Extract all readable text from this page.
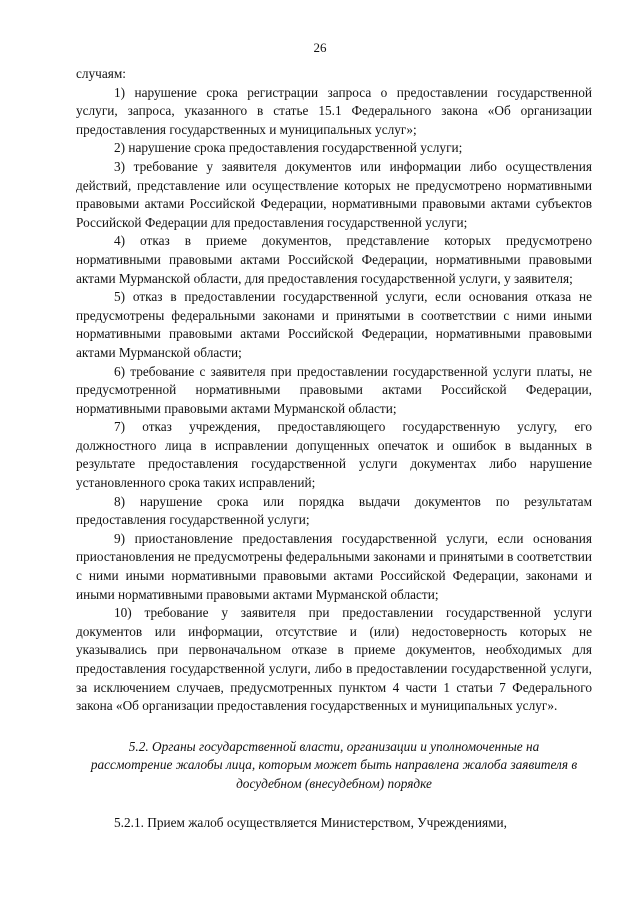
26

случаям:

1) нарушение срока регистрации запроса о предоставлении государственной услуги, запроса, указанного в статье 15.1 Федерального закона «Об организации предоставления государственных и муниципальных услуг»;

2) нарушение срока предоставления государственной услуги;

3) требование у заявителя документов или информации либо осуществления действий, представление или осуществление которых не предусмотрено нормативными правовыми актами Российской Федерации, нормативными правовыми актами субъектов Российской Федерации для предоставления государственной услуги;

4) отказ в приеме документов, представление которых предусмотрено нормативными правовыми актами Российской Федерации, нормативными правовыми актами Мурманской области, для предоставления государственной услуги, у заявителя;

5) отказ в предоставлении государственной услуги, если основания отказа не предусмотрены федеральными законами и принятыми в соответствии с ними иными нормативными правовыми актами Российской Федерации, нормативными правовыми актами Мурманской области;

6) требование с заявителя при предоставлении государственной услуги платы, не предусмотренной нормативными правовыми актами Российской Федерации, нормативными правовыми актами Мурманской области;

7) отказ учреждения, предоставляющего государственную услугу, его должностного лица в исправлении допущенных опечаток и ошибок в выданных в результате предоставления государственной услуги документах либо нарушение установленного срока таких исправлений;

8) нарушение срока или порядка выдачи документов по результатам предоставления государственной услуги;

9) приостановление предоставления государственной услуги, если основания приостановления не предусмотрены федеральными законами и принятыми в соответствии с ними иными нормативными правовыми актами Российской Федерации, законами и иными нормативными правовыми актами Мурманской области;

10) требование у заявителя при предоставлении государственной услуги документов или информации, отсутствие и (или) недостоверность которых не указывались при первоначальном отказе в приеме документов, необходимых для предоставления государственной услуги, либо в предоставлении государственной услуги, за исключением случаев, предусмотренных пунктом 4 части 1 статьи 7 Федерального закона «Об организации предоставления государственных и муниципальных услуг».

5.2. Органы государственной власти, организации и уполномоченные на рассмотрение жалобы лица, которым может быть направлена жалоба заявителя в досудебном (внесудебном) порядке

5.2.1. Прием жалоб осуществляется Министерством, Учреждениями,
